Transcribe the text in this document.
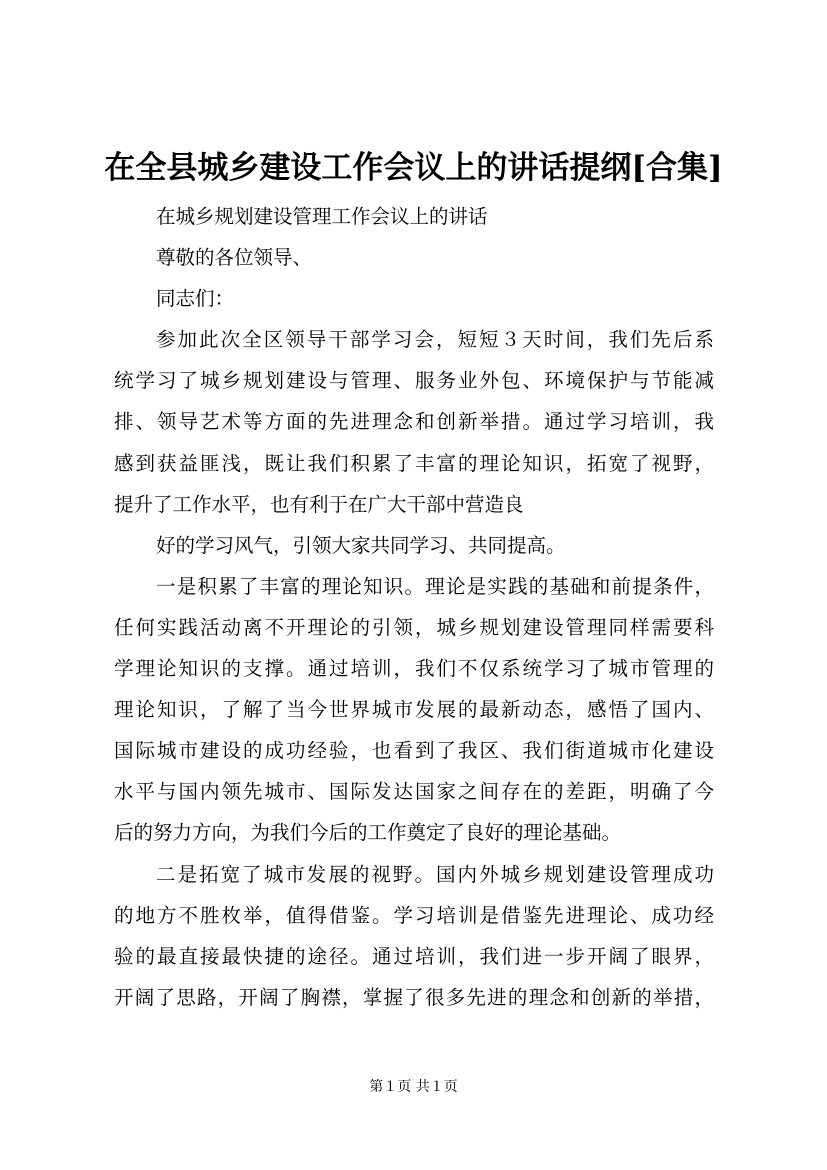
在全县城乡建设工作会议上的讲话提纲[合集]
在城乡规划建设管理工作会议上的讲话
尊敬的各位领导、
同志们：
参加此次全区领导干部学习会，短短３天时间，我们先后系
统学习了城乡规划建设与管理、服务业外包、环境保护与节能减
排、领导艺术等方面的先进理念和创新举措。通过学习培训，我
感到获益匪浅，既让我们积累了丰富的理论知识，拓宽了视野，
提升了工作水平，也有利于在广大干部中营造良
好的学习风气，引领大家共同学习、共同提高。
一是积累了丰富的理论知识。理论是实践的基础和前提条件，
任何实践活动离不开理论的引领，城乡规划建设管理同样需要科
学理论知识的支撑。通过培训，我们不仅系统学习了城市管理的
理论知识，了解了当今世界城市发展的最新动态，感悟了国内、
国际城市建设的成功经验，也看到了我区、我们街道城市化建设
水平与国内领先城市、国际发达国家之间存在的差距，明确了今
后的努力方向，为我们今后的工作奠定了良好的理论基础。
二是拓宽了城市发展的视野。国内外城乡规划建设管理成功
的地方不胜枚举，值得借鉴。学习培训是借鉴先进理论、成功经
验的最直接最快捷的途径。通过培训，我们进一步开阔了眼界，
开阔了思路，开阔了胸襟，掌握了很多先进的理念和创新的举措，
第１页 共１页
